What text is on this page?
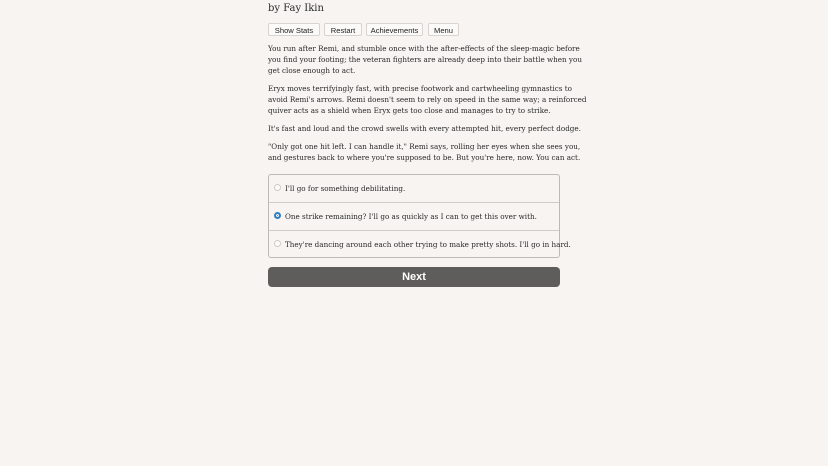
by Fay Ikin
Show Stats	Restart	Achievements	Menu

You run after Remi, and stumble once with the after-effects of the sleep-magic before
you find your footing; the veteran fighters are already deep into their battle when you
get close enough to act.

Eryx moves terrifyingly fast, with precise footwork and cartwheeling gymnastics to
avoid Remi's arrows. Remi doesn't seem to rely on speed in the same way; a reinforced
quiver acts as a shield when Eryx gets too close and manages to try to strike.

It's fast and loud and the crowd swells with every attempted hit, every perfect dodge.

"Only got one hit left. I can handle it," Remi says, rolling her eyes when she sees you,
and gestures back to where you're supposed to be. But you're here, now. You can act.

I'll go for something debilitating.
One strike remaining? I'll go as quickly as I can to get this over with.
They're dancing around each other trying to make pretty shots. I'll go in hard.
Next
